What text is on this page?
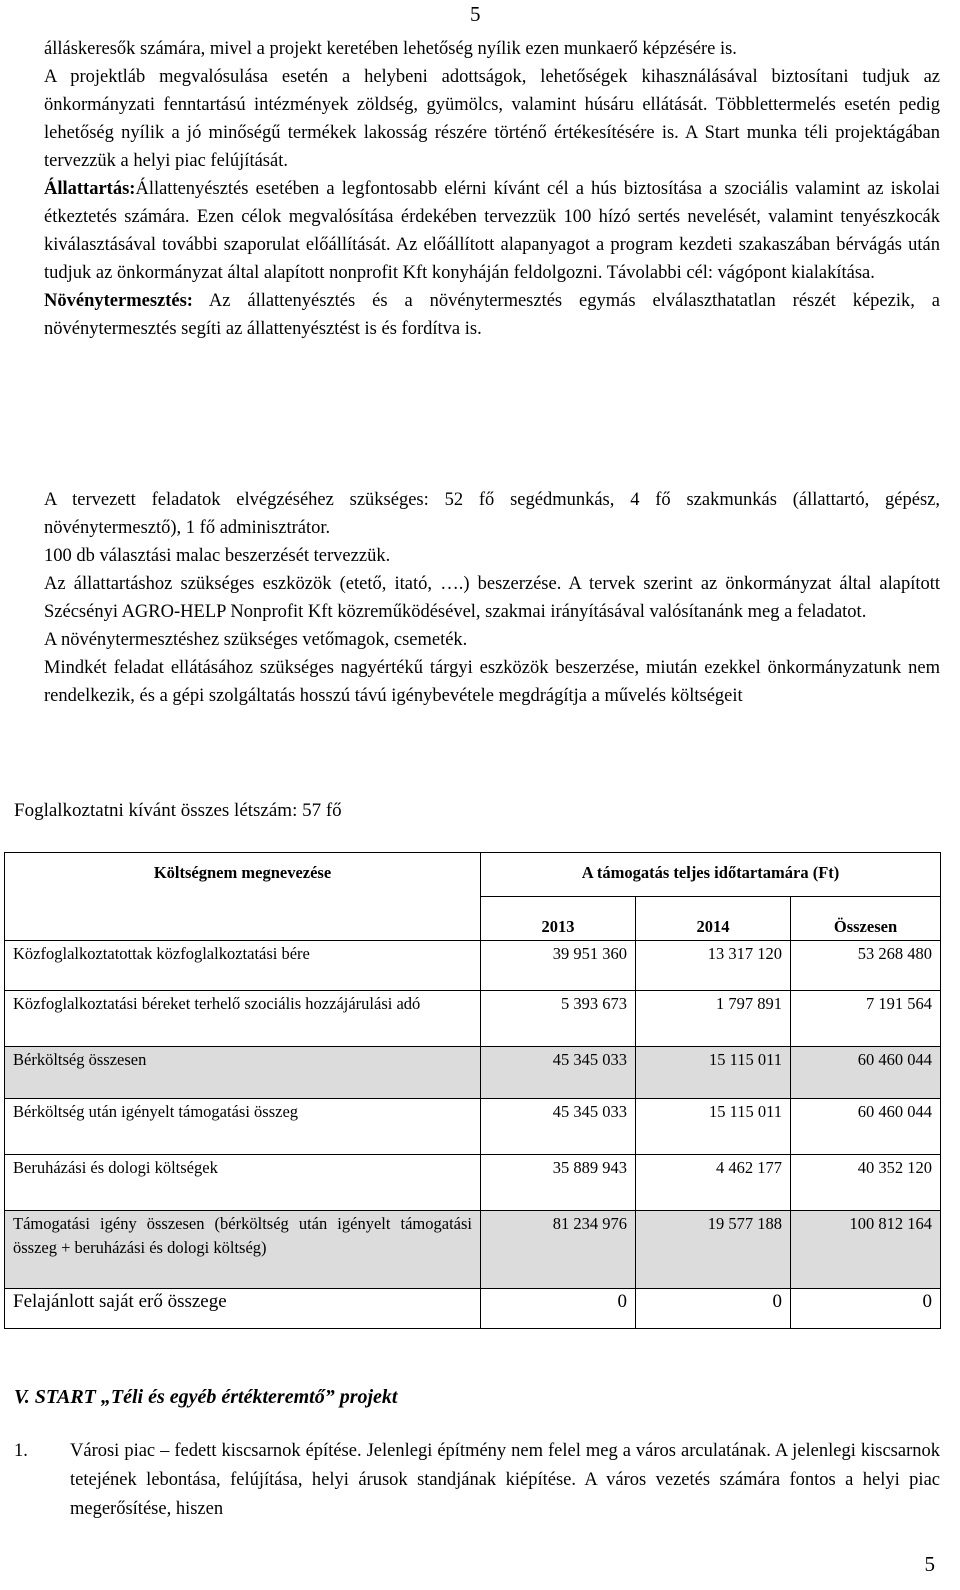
5
álláskeresők számára, mivel a projekt keretében lehetőség nyílik ezen munkaerő képzésére is.
A projektláb megvalósulása esetén a helybeni adottságok, lehetőségek kihasználásával biztosítani tudjuk az önkormányzati fenntartású intézmények zöldség, gyümölcs, valamint húsáru ellátását. Többlettermelés esetén pedig lehetőség nyílik a jó minőségű termékek lakosság részére történő értékesítésére is. A Start munka téli projektágában tervezzük a helyi piac felújítását.
Állattartás:Állattenyésztés esetében a legfontosabb elérni kívánt cél a hús biztosítása a szociális valamint az iskolai étkeztetés számára. Ezen célok megvalósítása érdekében tervezzük 100 hízó sertés nevelését, valamint tenyészkocák kiválasztásával további szaporulat előállítását. Az előállított alapanyagot a program kezdeti szakaszában bérvágás után tudjuk az önkormányzat által alapított nonprofit Kft konyháján feldolgozni. Távolabbi cél: vágópont kialakítása.
Növénytermesztés: Az állattenyésztés és a növénytermesztés egymás elválaszthatatlan részét képezik, a növénytermesztés segíti az állattenyésztést is és fordítva is.
A tervezett feladatok elvégzéséhez szükséges: 52 fő segédmunkás, 4 fő szakmunkás (állattartó, gépész, növénytermesztő), 1 fő adminisztrátor.
100 db választási malac beszerzését tervezzük.
Az állattartáshoz szükséges eszközök (etető, itató, ….) beszerzése. A tervek szerint az önkormányzat által alapított Szécsényi AGRO-HELP Nonprofit Kft közreműködésével, szakmai irányításával valósítanánk meg a feladatot.
A növénytermesztéshez szükséges vetőmagok, csemeték.
Mindkét feladat ellátásához szükséges nagyértékű tárgyi eszközök beszerzése, miután ezekkel önkormányzatunk nem rendelkezik, és a gépi szolgáltatás hosszú távú igénybevétele megdrágítja a művelés költségeit
Foglalkoztatni kívánt összes létszám: 57 fő
Költségnem megnevezése	A támogatás teljes időtartamára (Ft)		
	2013	2014	Összesen
Közfoglalkoztatottak közfoglalkoztatási bére	39 951 360	13 317 120	53 268 480
Közfoglalkoztatási béreket terhelő szociális hozzájárulási adó	5 393 673	1 797 891	7 191 564
Bérköltség összesen	45 345 033	15 115 011	60 460 044
Bérköltség után igényelt támogatási összeg	45 345 033	15 115 011	60 460 044
Beruházási és dologi költségek	35 889 943	4 462 177	40 352 120
Támogatási igény összesen (bérköltség után igényelt támogatási összeg + beruházási és dologi költség)	81 234 976	19 577 188	100 812 164
Felajánlott saját erő összege	0	0	0
V. START „Téli és egyéb értékteremtő” projekt
1. Városi piac – fedett kiscsarnok építése. Jelenlegi építmény nem felel meg a város arculatának. A jelenlegi kiscsarnok tetejének lebontása, felújítása, helyi árusok standjának kiépítése. A város vezetés számára fontos a helyi piac megerősítése, hiszen
5
